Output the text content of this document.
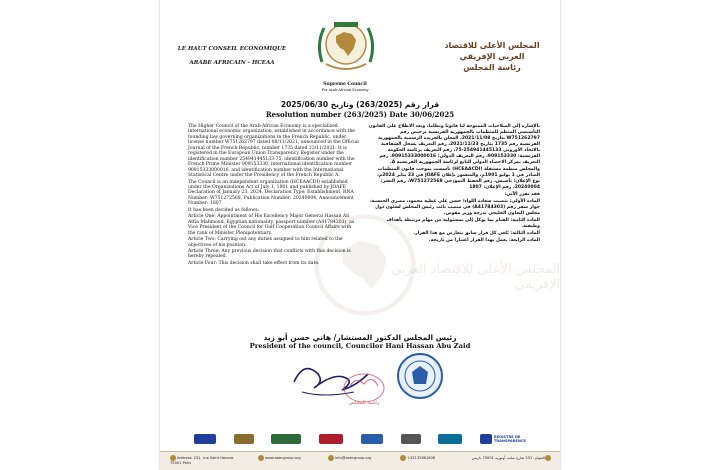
LE HAUT CONSEIL ECONOMIQUE
ARABE AFRICAIN - HCEAA
المجلس الأعلى للاقتصاد العربي الإفريقي
رئاسة المجلس
Supreme Council
For Arab-African Economy
قرار رقم (263/2025) وتاريخ 2025/06/30
Resolution number (263/2025) Date 30/06/2025
المجلس الأعلى للاقتصاد العربي الإفريقي

The Higher Council of the Arab-African Economy is a specialized international economic organization, established in accordance with the founding law governing organizations in the French Republic, under license number W751262797 dated 08/11/2021, announced in the Official Journal of the French Republic, number 1735 dated 23/11/2021. It is registered in the European Union Transparency Register under the identification number 254941445133-75, identification number with the French Prime Minister 909153330, international identification number 90915333000016, and identification number with the International Statistical Centre under the Presidency of the French Republic A.

The Council is an independent organization (HCEAACDI) established under the Organizations Act of July 1, 1901 and published by JOAFE Declaration of January 23, 2024, Declaration Type: Establishment, RNA Number: W751272568, Publication Number: 20240004, Announcement Number: 1807

It has been decided as follows:

Article One: Appointment of His Excellency Major General Hassan Ali Attia Mahmoud, Egyptian nationality, passport number (A41784303), as Vice President of the Council for Gulf Cooperation Council Affairs with the rank of Minister Plenipotentiary.

Article Two: Carrying out any duties assigned to him related to the objectives of his position.

Article Three: Any previous decision that conflicts with this decision is hereby repealed.

Article Four: This decision shall take effect from its date.

بالإشارة إلى الصلاحيات الممنوحة لنا قانونا ونظاما، وبعد الاطلاع على القانون التأسيسي المنظم للمنظمات بالجمهورية الفرنسية ترخيص رقم W751262797 بتاريخ 2021/11/08، المعلن بالجريدة الرسمية بالجمهورية الفرنسية رقم 1735 بتاريخ 2021/11/23، رقم التعريف بسجل الشفافية بالاتحاد الأوروبي 254941445133-75، رقم التعريف برئاسة الحكومة الفرنسية: 909153330، رقم التعريف الدولي: 90915333000016، رقم التعريف بمركز الاحصاء الدولي التابع لرئاسة الجمهورية الفرنسية A.

والمجلس منظمة مستقلة (HCEAACDI) تأسست بموجب قانون المنظمات الصادر في 1 يوليو 1901م، والمنشور بإعلان JOAFE في 23 يناير 2024م، نوع الإعلان: تأسيس، رقم الحفظ النموذجي W751272568، رقم النشر: 20240004، رقم الإعلان: 1807

فقد تقرر الآتي:

المادة الأولى: تنصيب سعادة اللواء/ حسن علي عطيه محمود، مصري الجنسية، جواز سفر رقم (A41784303) في منصب نائب رئيس المجلس لشئون دول مجلس التعاون الخليجي بدرجة وزير مفوض.

المادة الثانية: القيام بما يوكل إلى بمسئولية من مهام مرتبطة بأهداف وظيفته.

المادة الثالثة: يُلغى كل قرار سابق يتعارض مع هذا القرار.

المادة الرابعة: يعمل بهذا القرار اعتبارا من تاريخه.

رئيس المجلس الدكتور المستشار/ هاني حسن أبو زيد
President of the council, Councilor Hani Hassan Abu Zaid
رئاسة المجلس
REGISTRE DE TRANSPARENCE
Address: 231, rue Saint Honore, 75001 Paris
www.aaecgroup.org	info@aaecgroup.org	+33132861808	العنوان: 231 شارع سانت أونوريه 75001 باريس
